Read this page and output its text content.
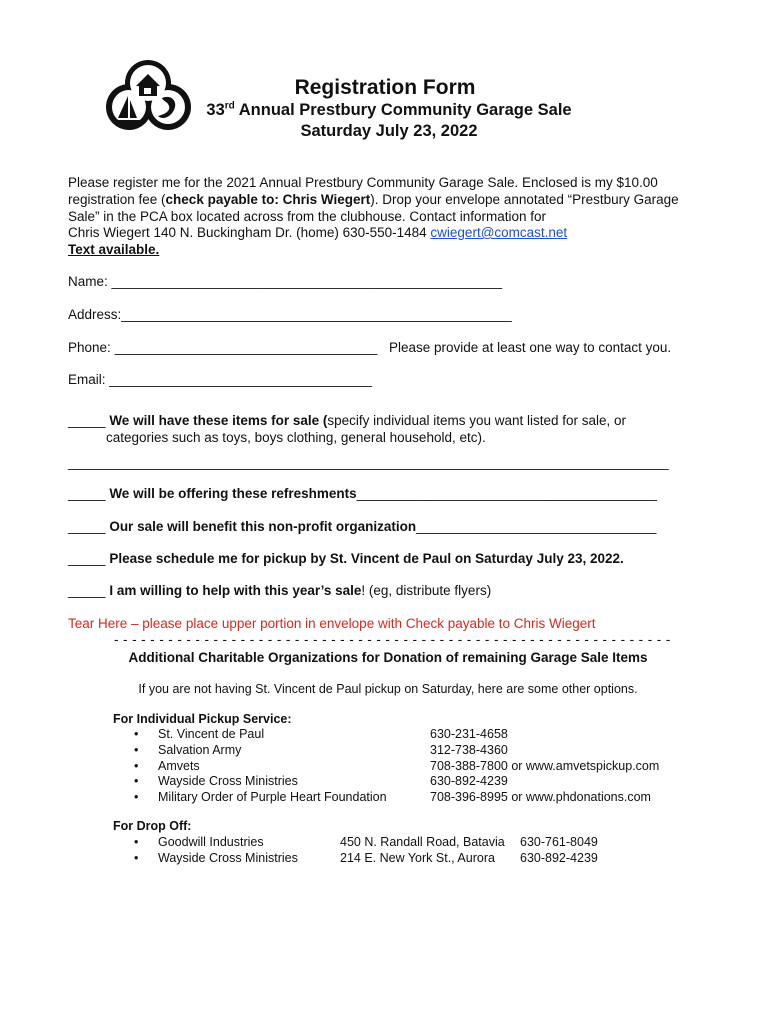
Registration Form
33rd Annual Prestbury Community Garage Sale
Saturday July 23, 2022
Please register me for the 2021 Annual Prestbury Community Garage Sale. Enclosed is my $10.00
registration fee (check payable to: Chris Wiegert). Drop your envelope annotated “Prestbury Garage
Sale” in the PCA box located across from the clubhouse. Contact information for
Chris Wiegert 140 N. Buckingham Dr. (home) 630-550-1484 cwiegert@comcast.net
Text available.
Name: ____________________________________________________
Address:____________________________________________________
Phone: ___________________________________ Please provide at least one way to contact you.
Email: ___________________________________
_____ We will have these items for sale (specify individual items you want listed for sale, or
categories such as toys, boys clothing, general household, etc).
________________________________________________________________________________
_____ We will be offering these refreshments________________________________________
_____ Our sale will benefit this non-profit organization________________________________
_____ Please schedule me for pickup by St. Vincent de Paul on Saturday July 23, 2022.
_____ I am willing to help with this year’s sale! (eg, distribute flyers)
Tear Here – please place upper portion in envelope with Check payable to Chris Wiegert
- - - - - - - - - - - - - - - - - - - - - - - - - - - - - - - - - - - - - - - - - - - - - - - - - - - - - - - - - - - - - -
Additional Charitable Organizations for Donation of remaining Garage Sale Items
If you are not having St. Vincent de Paul pickup on Saturday, here are some other options.
For Individual Pickup Service:
• St. Vincent de Paul	630-231-4658
• Salvation Army	312-738-4360
• Amvets	708-388-7800 or www.amvetspickup.com
• Wayside Cross Ministries	630-892-4239
• Military Order of Purple Heart Foundation	708-396-8995 or www.phdonations.com
For Drop Off:
• Goodwill Industries	450 N. Randall Road, Batavia 630-761-8049
• Wayside Cross Ministries	214 E. New York St., Aurora 630-892-4239
